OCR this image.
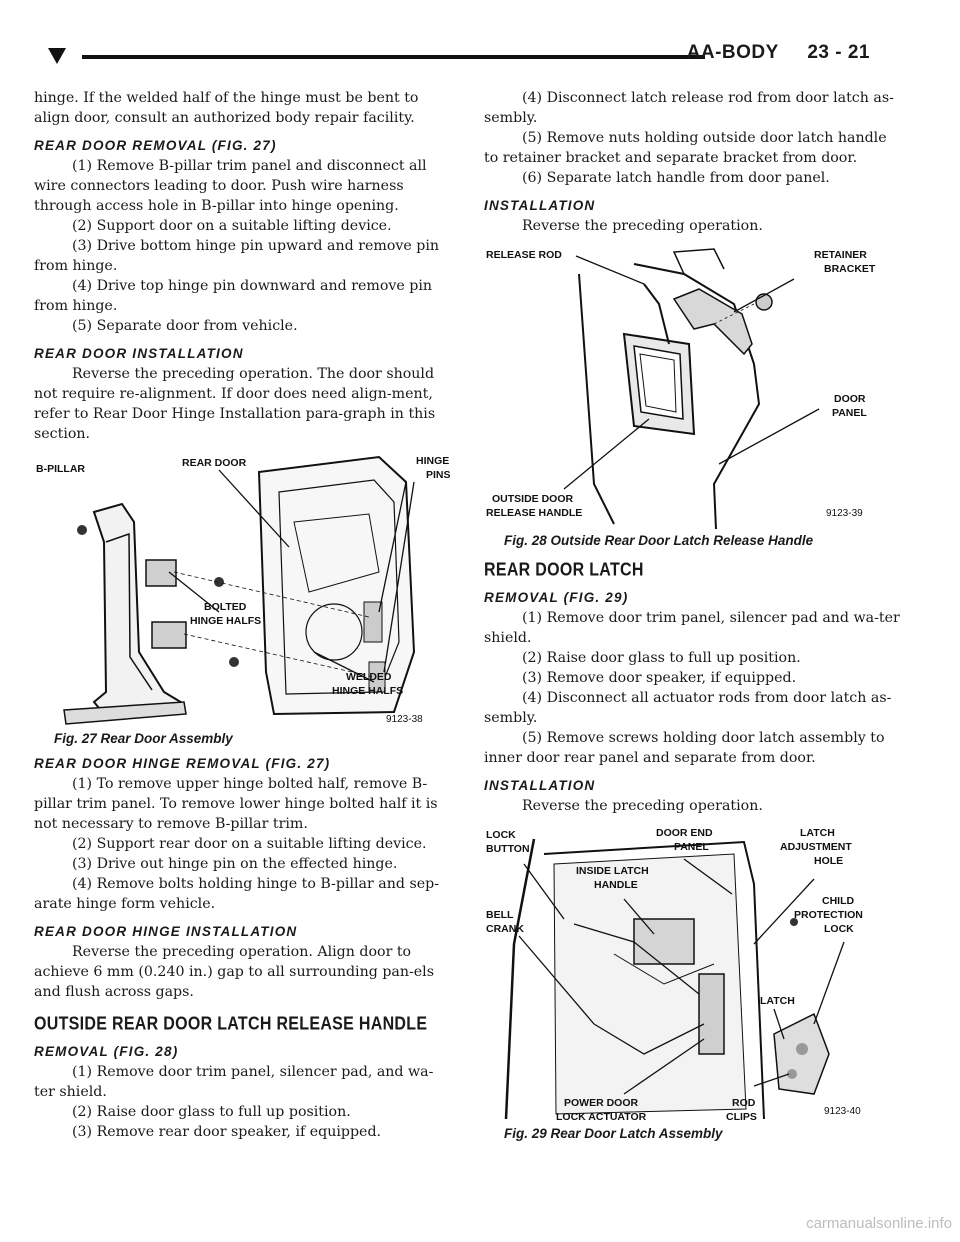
AA-BODY     23 - 21

hinge. If the welded half of the hinge must be bent to align door, consult an authorized body repair facility.

REAR DOOR REMOVAL (FIG. 27)

(1) Remove B-pillar trim panel and disconnect all wire connectors leading to door. Push wire harness through access hole in B-pillar into hinge opening.

(2) Support door on a suitable lifting device.

(3) Drive bottom hinge pin upward and remove pin from hinge.

(4) Drive top hinge pin downward and remove pin from hinge.

(5) Separate door from vehicle.

REAR DOOR INSTALLATION

Reverse the preceding operation. The door should not require re-alignment. If door does need align-ment, refer to Rear Door Hinge Installation para-graph in this section.

B-PILLAR	REAR DOOR	HINGE
PINS
BOLTED
HINGE HALFS
WELDED
HINGE HALFS
9123-38
Fig. 27 Rear Door Assembly
REAR DOOR HINGE REMOVAL (FIG. 27)

(1) To remove upper hinge bolted half, remove B-pillar trim panel. To remove lower hinge bolted half it is not necessary to remove B-pillar trim.

(2) Support rear door on a suitable lifting device.

(3) Drive out hinge pin on the effected hinge.

(4) Remove bolts holding hinge to B-pillar and sep-arate hinge form vehicle.

REAR DOOR HINGE INSTALLATION

Reverse the preceding operation. Align door to achieve 6 mm (0.240 in.) gap to all surrounding pan-els and flush across gaps.

OUTSIDE REAR DOOR LATCH RELEASE HANDLE
REMOVAL (FIG. 28)

(1) Remove door trim panel, silencer pad, and wa-ter shield.

(2) Raise door glass to full up position.

(3) Remove rear door speaker, if equipped.

(4) Disconnect latch release rod from door latch as-sembly.

(5) Remove nuts holding outside door latch handle to retainer bracket and separate bracket from door.

(6) Separate latch handle from door panel.

INSTALLATION

Reverse the preceding operation.

RELEASE ROD	RETAINER
BRACKET
DOOR
PANEL
OUTSIDE DOOR
RELEASE HANDLE	9123-39
Fig. 28 Outside Rear Door Latch Release Handle
REAR DOOR LATCH
REMOVAL (FIG. 29)

(1) Remove door trim panel, silencer pad and wa-ter shield.

(2) Raise door glass to full up position.

(3) Remove door speaker, if equipped.

(4) Disconnect all actuator rods from door latch as-sembly.

(5) Remove screws holding door latch assembly to inner door rear panel and separate from door.

INSTALLATION

Reverse the preceding operation.

LOCK
BUTTON
DOOR END
PANEL
LATCH
ADJUSTMENT
HOLE
INSIDE LATCH
HANDLE
BELL
CRANK
CHILD
PROTECTION
LOCK
LATCH
POWER DOOR
LOCK ACTUATOR
ROD
CLIPS	9123-40
Fig. 29 Rear Door Latch Assembly
carmanualsonline.info
